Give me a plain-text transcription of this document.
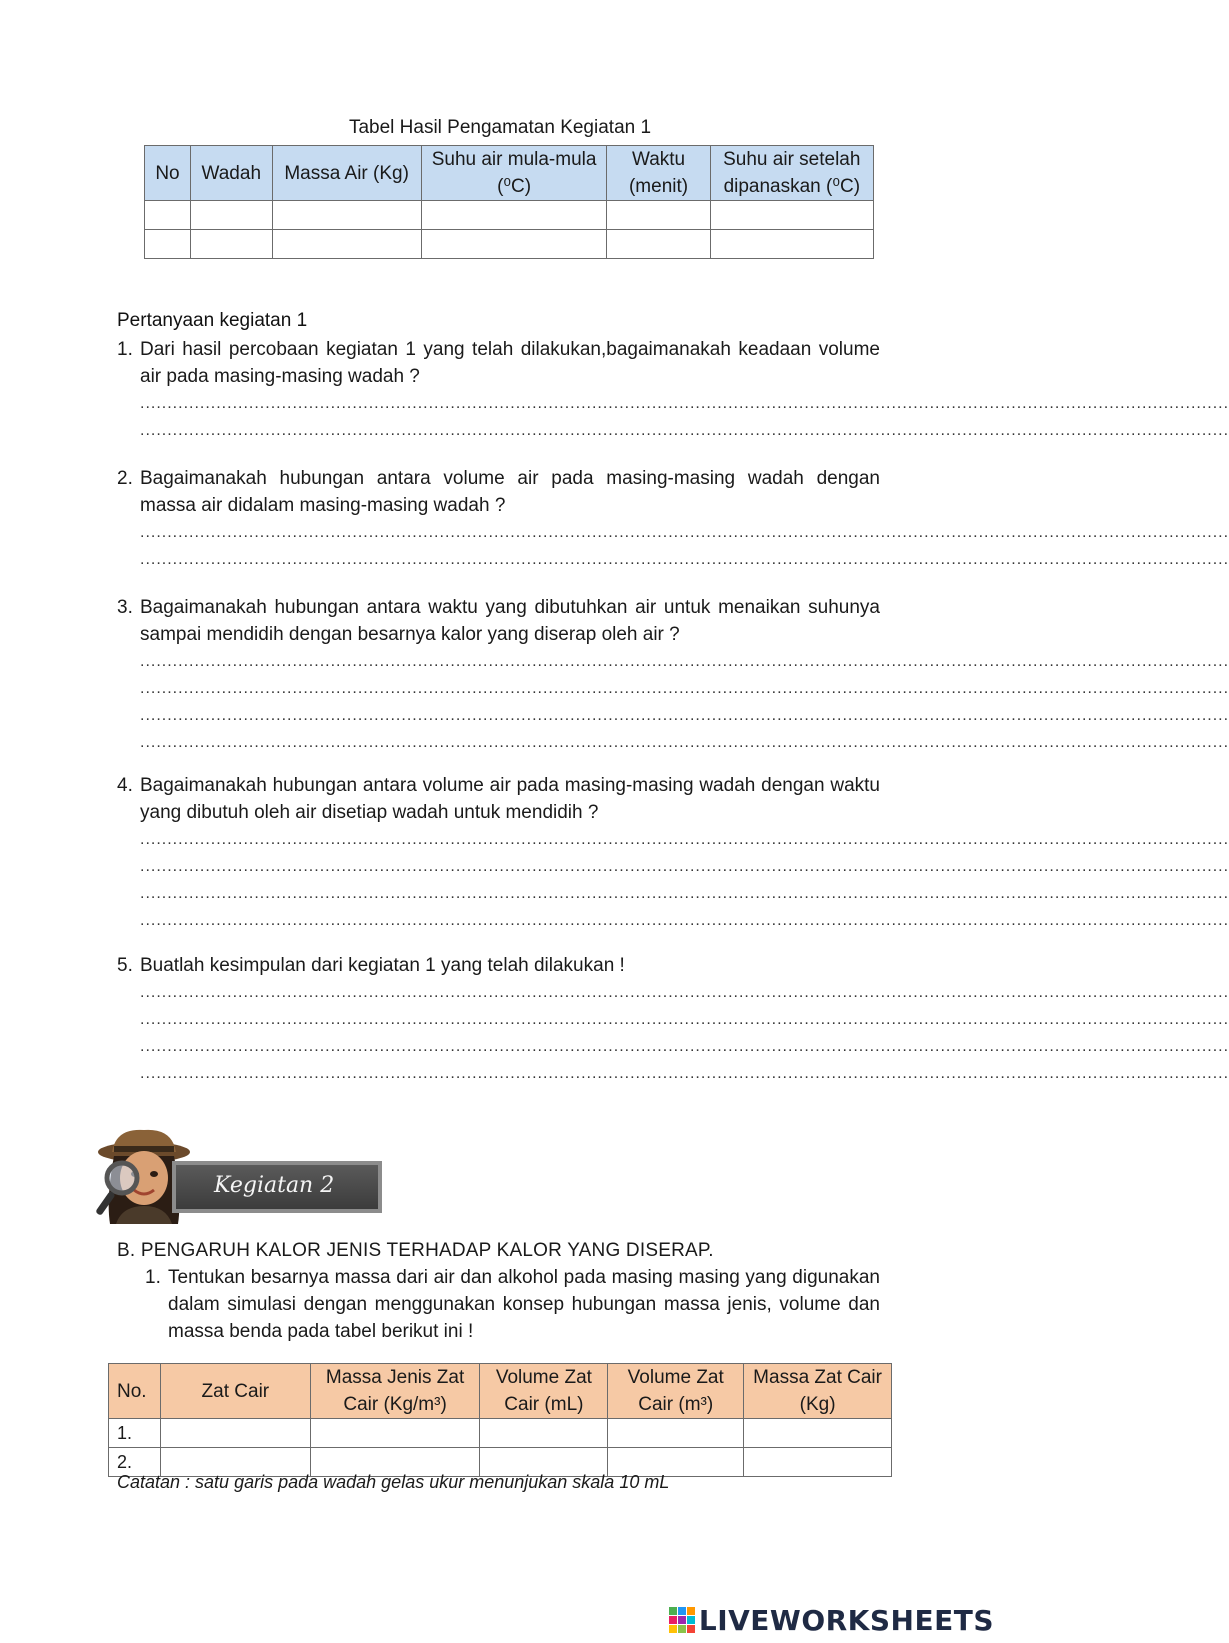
Tabel Hasil Pengamatan Kegiatan 1
No	Wadah	Massa Air (Kg)	Suhu air mula-mula (⁰C)	Waktu (menit)	Suhu air setelah dipanaskan (⁰C)

Pertanyaan kegiatan 1
1. Dari hasil percobaan kegiatan 1 yang telah dilakukan,bagaimanakah keadaan volume air pada masing-masing wadah ?
........................................................................................................................................................................................................
........................................................................................................................................................................................................
2. Bagaimanakah hubungan antara volume air pada masing-masing wadah dengan massa air didalam masing-masing wadah ?
........................................................................................................................................................................................................
........................................................................................................................................................................................................
3. Bagaimanakah hubungan antara waktu yang dibutuhkan air untuk menaikan suhunya sampai mendidih dengan besarnya kalor yang diserap oleh air ?
........................................................................................................................................................................................................
........................................................................................................................................................................................................
........................................................................................................................................................................................................
........................................................................................................................................................................................................
4. Bagaimanakah hubungan antara volume air pada masing-masing wadah dengan waktu yang dibutuh oleh air disetiap wadah untuk mendidih ?
........................................................................................................................................................................................................
........................................................................................................................................................................................................
........................................................................................................................................................................................................
........................................................................................................................................................................................................
5. Buatlah kesimpulan dari kegiatan 1 yang telah dilakukan !
........................................................................................................................................................................................................
........................................................................................................................................................................................................
........................................................................................................................................................................................................
........................................................................................................................................................................................................
Kegiatan 2
B. PENGARUH KALOR JENIS TERHADAP KALOR YANG DISERAP.
1. Tentukan besarnya massa dari air dan alkohol pada masing masing yang digunakan dalam simulasi dengan menggunakan konsep hubungan massa jenis, volume dan massa benda pada tabel berikut ini !
No.	Zat Cair	Massa Jenis Zat Cair (Kg/m³)	Volume Zat Cair (mL)	Volume Zat Cair (m³)	Massa Zat Cair (Kg)
1.					
2.					
Catatan : satu garis pada wadah gelas ukur menunjukan skala 10 mL
LIVEWORKSHEETS
